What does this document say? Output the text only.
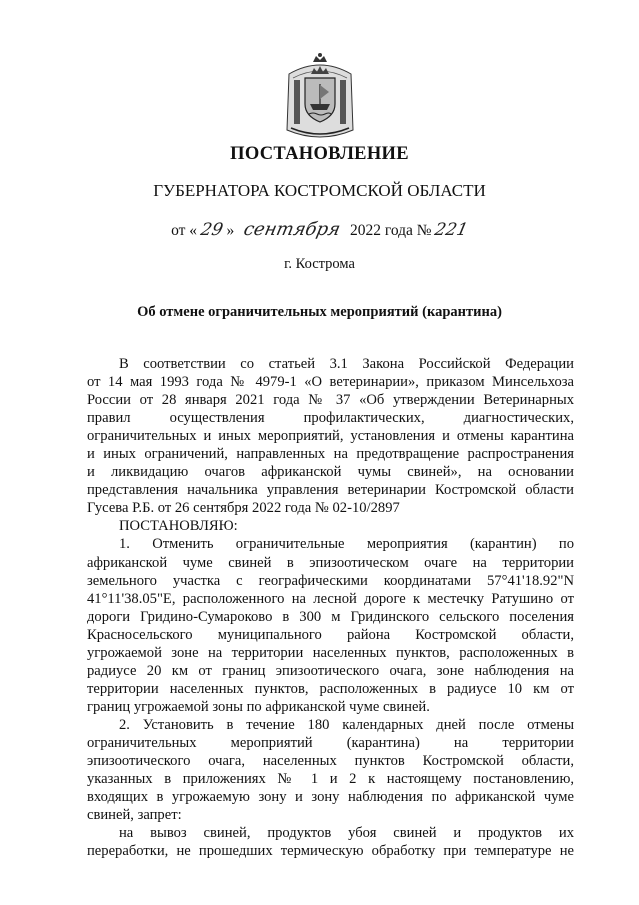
ПОСТАНОВЛЕНИЕ
ГУБЕРНАТОРА КОСТРОМСКОЙ ОБЛАСТИ
от « 29 » сентября 2022 года № 221
г. Кострома
Об отмене ограничительных мероприятий (карантина)
В соответствии со статьей 3.1 Закона Российской Федерации
от 14 мая 1993 года № 4979-1 «О ветеринарии», приказом Минсельхоза
России от 28 января 2021 года № 37 «Об утверждении Ветеринарных
правил осуществления профилактических, диагностических,
ограничительных и иных мероприятий, установления и отмены карантина
и иных ограничений, направленных на предотвращение распространения
и ликвидацию очагов африканской чумы свиней», на основании
представления начальника управления ветеринарии Костромской области
Гусева Р.Б. от 26 сентября 2022 года № 02-10/2897
ПОСТАНОВЛЯЮ:
1. Отменить ограничительные мероприятия (карантин) по
африканской чуме свиней в эпизоотическом очаге на территории
земельного участка с географическими координатами 57°41'18.92"N
41°11'38.05"E, расположенного на лесной дороге к местечку Ратушино от
дороги Гридино-Сумароково в 300 м Гридинского сельского поселения
Красносельского муниципального района Костромской области,
угрожаемой зоне на территории населенных пунктов, расположенных в
радиусе 20 км от границ эпизоотического очага, зоне наблюдения на
территории населенных пунктов, расположенных в радиусе 10 км от
границ угрожаемой зоны по африканской чуме свиней.
2. Установить в течение 180 календарных дней после отмены
ограничительных мероприятий (карантина) на территории
эпизоотического очага, населенных пунктов Костромской области,
указанных в приложениях № 1 и 2 к настоящему постановлению,
входящих в угрожаемую зону и зону наблюдения по африканской чуме
свиней, запрет:
на вывоз свиней, продуктов убоя свиней и продуктов их
переработки, не прошедших термическую обработку при температуре не
